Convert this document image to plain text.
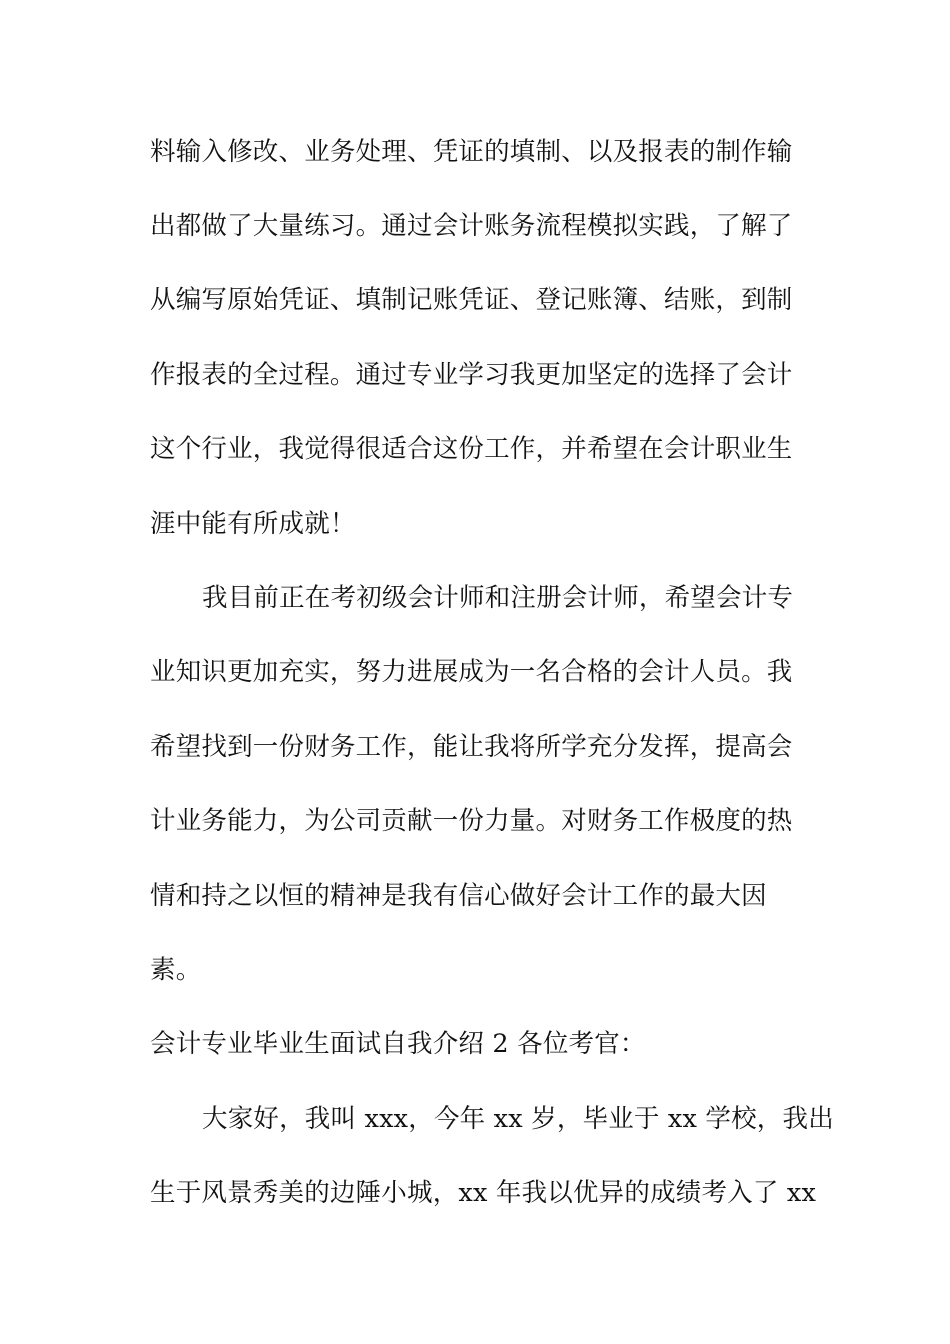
料输入修改、业务处理、凭证的填制、以及报表的制作输
出都做了大量练习。通过会计账务流程模拟实践，了解了
从编写原始凭证、填制记账凭证、登记账簿、结账，到制
作报表的全过程。通过专业学习我更加坚定的选择了会计
这个行业，我觉得很适合这份工作，并希望在会计职业生
涯中能有所成就！
我目前正在考初级会计师和注册会计师，希望会计专
业知识更加充实，努力进展成为一名合格的会计人员。我
希望找到一份财务工作，能让我将所学充分发挥，提高会
计业务能力，为公司贡献一份力量。对财务工作极度的热
情和持之以恒的精神是我有信心做好会计工作的最大因
素。
会计专业毕业生面试自我介绍 2 各位考官：
大家好，我叫 xxx，今年 xx 岁，毕业于 xx 学校，我出
生于风景秀美的边陲小城，xx 年我以优异的成绩考入了 xx
